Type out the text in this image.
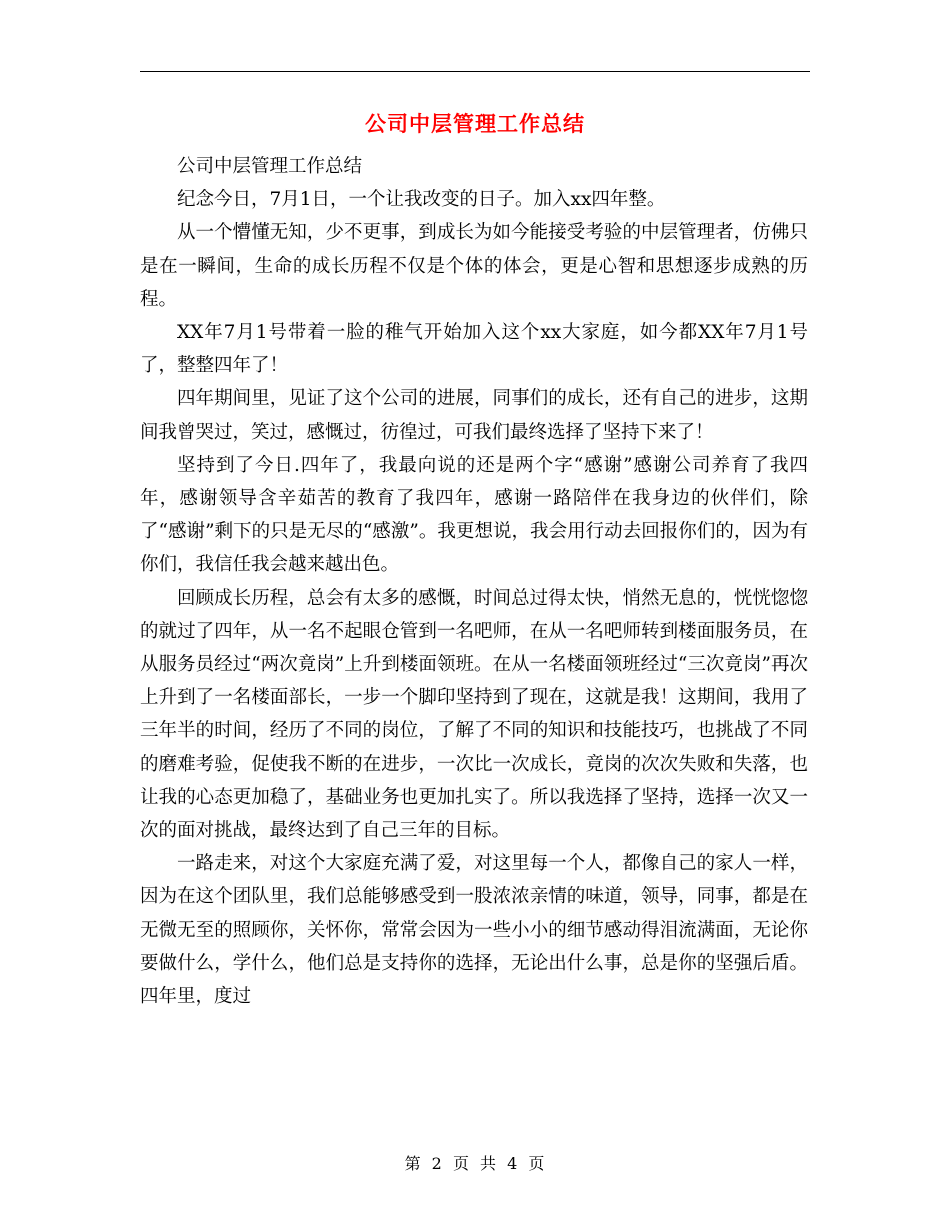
公司中层管理工作总结

公司中层管理工作总结

纪念今日，7月1日，一个让我改变的日子。加入xx四年整。

从一个懵懂无知，少不更事，到成长为如今能接受考验的中层管理者，仿佛只是在一瞬间，生命的成长历程不仅是个体的体会，更是心智和思想逐步成熟的历程。

XX年7月1号带着一脸的稚气开始加入这个xx大家庭，如今都XX年7月1号了，整整四年了！

四年期间里，见证了这个公司的进展，同事们的成长，还有自己的进步，这期间我曾哭过，笑过，感慨过，彷徨过，可我们最终选择了坚持下来了！

坚持到了今日.四年了，我最向说的还是两个字“感谢”感谢公司养育了我四年，感谢领导含辛茹苦的教育了我四年，感谢一路陪伴在我身边的伙伴们，除了“感谢”剩下的只是无尽的“感激”。我更想说，我会用行动去回报你们的，因为有你们，我信任我会越来越出色。

回顾成长历程，总会有太多的感慨，时间总过得太快，悄然无息的，恍恍惚惚的就过了四年，从一名不起眼仓管到一名吧师，在从一名吧师转到楼面服务员，在从服务员经过“两次竟岗”上升到楼面领班。在从一名楼面领班经过“三次竟岗”再次上升到了一名楼面部长，一步一个脚印坚持到了现在，这就是我！这期间，我用了三年半的时间，经历了不同的岗位，了解了不同的知识和技能技巧，也挑战了不同的磨难考验，促使我不断的在进步，一次比一次成长，竟岗的次次失败和失落，也让我的心态更加稳了，基础业务也更加扎实了。所以我选择了坚持，选择一次又一次的面对挑战，最终达到了自己三年的目标。

一路走来，对这个大家庭充满了爱，对这里每一个人，都像自己的家人一样，因为在这个团队里，我们总能够感受到一股浓浓亲情的味道，领导，同事，都是在无微无至的照顾你，关怀你，常常会因为一些小小的细节感动得泪流满面，无论你要做什么，学什么，他们总是支持你的选择，无论出什么事，总是你的坚强后盾。四年里，度过

第 2 页 共 4 页
